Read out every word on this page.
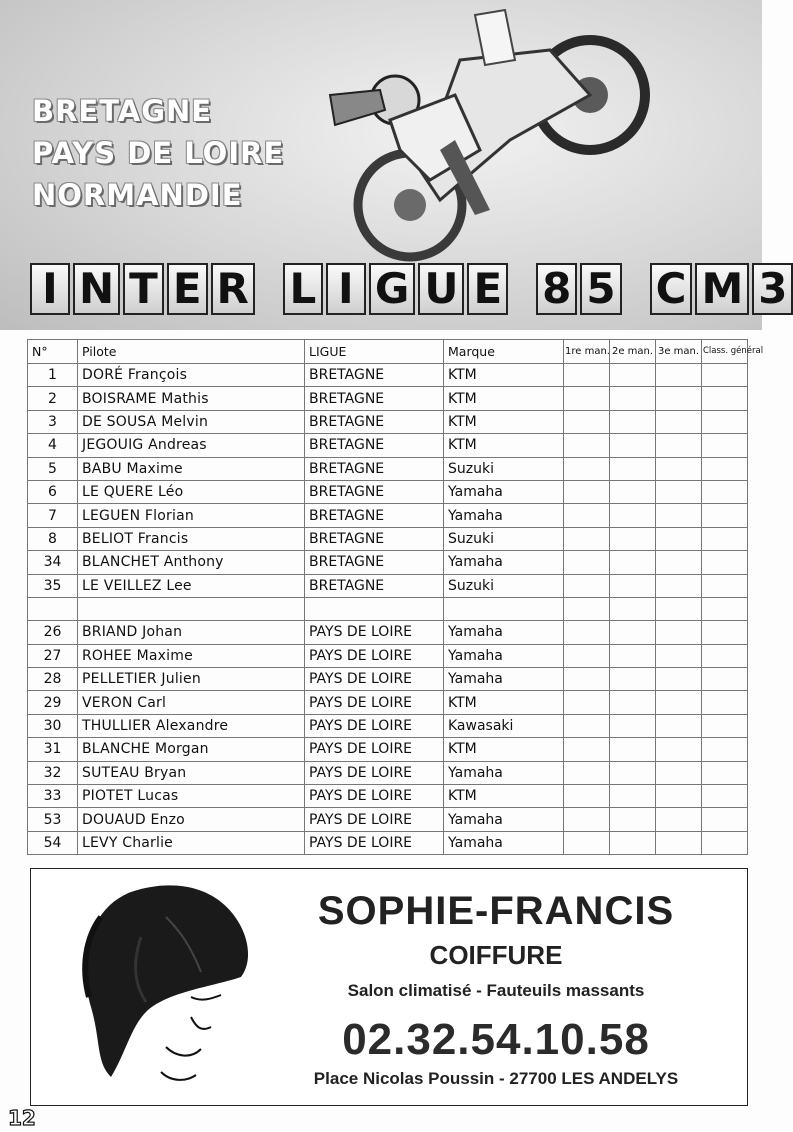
BRETAGNE
PAYS DE LOIRE
NORMANDIE
I N T E R L I G U E 8 5 C M 3
N°	Pilote	LIGUE	Marque	1re man.	2e man.	3e man.	Class. général
1	DORÉ François	BRETAGNE	KTM				
2	BOISRAME Mathis	BRETAGNE	KTM				
3	DE SOUSA Melvin	BRETAGNE	KTM				
4	JEGOUIG Andreas	BRETAGNE	KTM				
5	BABU Maxime	BRETAGNE	Suzuki				
6	LE QUERE Léo	BRETAGNE	Yamaha				
7	LEGUEN Florian	BRETAGNE	Yamaha				
8	BELIOT Francis	BRETAGNE	Suzuki				
34	BLANCHET Anthony	BRETAGNE	Yamaha				
35	LE VEILLEZ Lee	BRETAGNE	Suzuki				

26	BRIAND Johan	PAYS DE LOIRE	Yamaha				
27	ROHEE Maxime	PAYS DE LOIRE	Yamaha				
28	PELLETIER Julien	PAYS DE LOIRE	Yamaha				
29	VERON Carl	PAYS DE LOIRE	KTM				
30	THULLIER Alexandre	PAYS DE LOIRE	Kawasaki				
31	BLANCHE Morgan	PAYS DE LOIRE	KTM				
32	SUTEAU Bryan	PAYS DE LOIRE	Yamaha				
33	PIOTET Lucas	PAYS DE LOIRE	KTM				
53	DOUAUD Enzo	PAYS DE LOIRE	Yamaha				
54	LEVY Charlie	PAYS DE LOIRE	Yamaha				
SOPHIE-FRANCIS
COIFFURE
Salon climatisé - Fauteuils massants
02.32.54.10.58
Place Nicolas Poussin - 27700 LES ANDELYS
12
